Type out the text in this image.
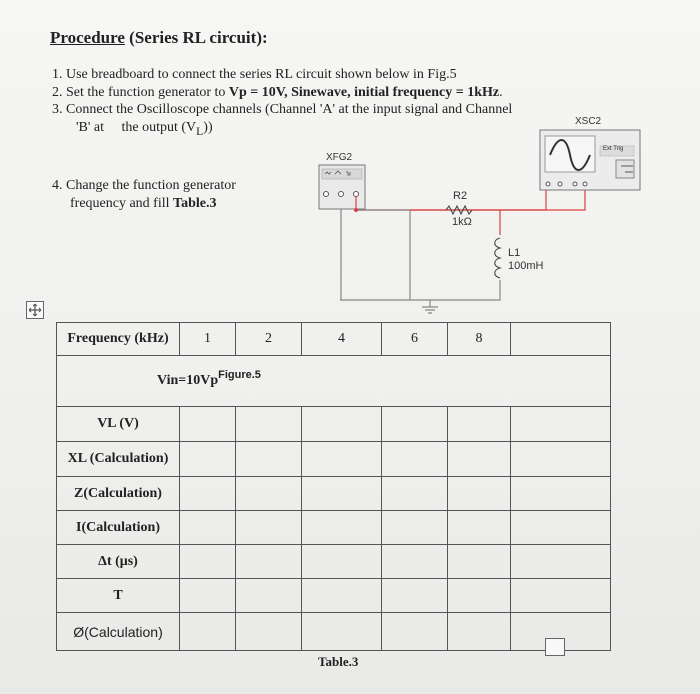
Procedure (Series RL circuit):
1. Use breadboard to connect the series RL circuit shown below in Fig.5
2. Set the function generator to Vp = 10V, Sinewave, initial frequency = 1kHz.
3. Connect the Oscilloscope channels (Channel 'A' at the input signal and Channel
'B' at the output $(V_L)$)
4. Change the function generator
frequency and fill Table.3
XFG2
XSC2
Ext Trig
R2
1kΩ
L1
100mH
Frequency (kHz)	1	2	4	6	8	
$Vin=10Vp^{Figure.5}$
VL (V)						
XL (Calculation)						
Z(Calculation)						
I(Calculation)						
Δt (μs)						
T						
Ø(Calculation)						
Table.3
